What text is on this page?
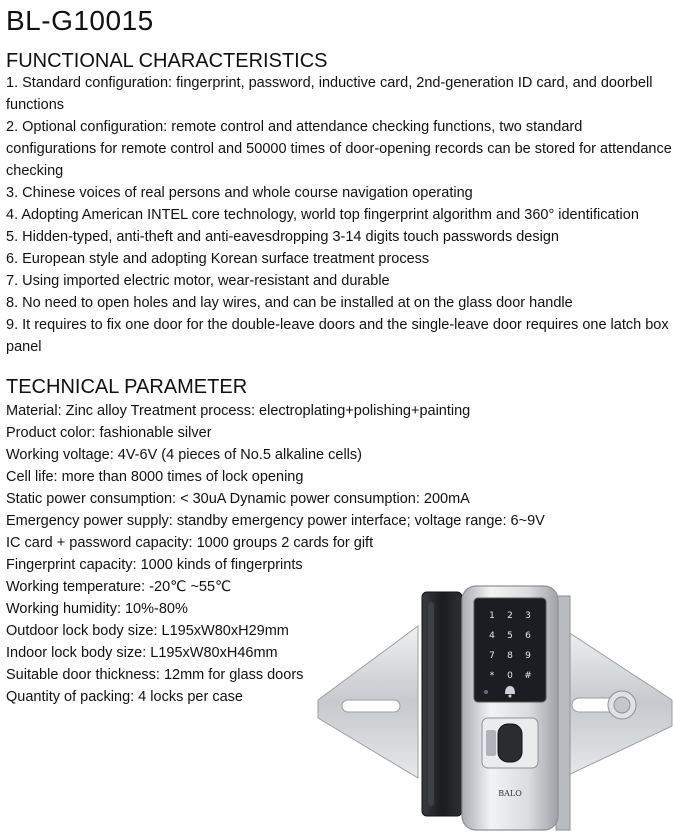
BL-G10015
FUNCTIONAL CHARACTERISTICS
1. Standard configuration: fingerprint, password, inductive card, 2nd-generation ID card, and doorbell functions
2. Optional configuration: remote control and attendance checking functions, two standard configurations for remote control and 50000 times of door-opening records can be stored for attendance checking
3. Chinese voices of real persons and whole course navigation operating
4. Adopting American INTEL core technology, world top fingerprint algorithm and 360° identification
5. Hidden-typed, anti-theft and anti-eavesdropping 3-14 digits touch passwords design
6. European style and adopting Korean surface treatment process
7. Using imported electric motor, wear-resistant and durable
8. No need to open holes and lay wires, and can be installed at on the glass door handle
9. It requires to fix one door for the double-leave doors and the single-leave door requires one latch box panel
TECHNICAL PARAMETER
Material: Zinc alloy Treatment process: electroplating+polishing+painting
Product color: fashionable silver
Working voltage: 4V-6V (4 pieces of No.5 alkaline cells)
Cell life: more than 8000 times of lock opening
Static power consumption: < 30uA Dynamic power consumption: 200mA
Emergency power supply: standby emergency power interface; voltage range: 6~9V
IC card + password capacity: 1000 groups 2 cards for gift
Fingerprint capacity: 1000 kinds of fingerprints
Working temperature: -20℃ ~55℃
Working humidity: 10%-80%
Outdoor lock body size: L195xW80xH29mm
Indoor lock body size: L195xW80xH46mm
Suitable door thickness: 12mm for glass doors
Quantity of packing: 4 locks per case
1 2 3
4 5 6
7 8 9
* 0 #
BALO
